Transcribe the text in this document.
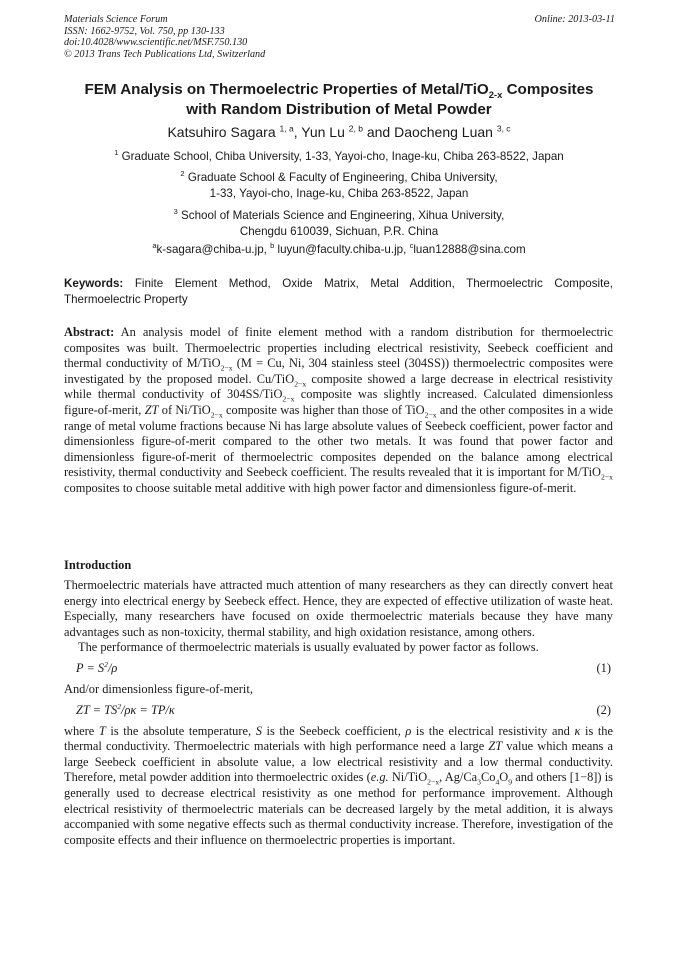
Materials Science Forum
ISSN: 1662-9752, Vol. 750, pp 130-133
doi:10.4028/www.scientific.net/MSF.750.130
© 2013 Trans Tech Publications Ltd, Switzerland
Online: 2013-03-11
FEM Analysis on Thermoelectric Properties of Metal/TiO$_{2-x}$ Composites
with Random Distribution of Metal Powder
Katsuhiro Sagara $^{1, a}$, Yun Lu $^{2, b}$ and Daocheng Luan $^{3, c}$
$^1$ Graduate School, Chiba University, 1-33, Yayoi-cho, Inage-ku, Chiba 263-8522, Japan
$^2$ Graduate School & Faculty of Engineering, Chiba University,
1-33, Yayoi-cho, Inage-ku, Chiba 263-8522, Japan
$^3$ School of Materials Science and Engineering, Xihua University,
Chengdu 610039, Sichuan, P.R. China
$^a$k-sagara@chiba-u.jp, $^b$ luyun@faculty.chiba-u.jp, $^c$luan12888@sina.com
Keywords: Finite Element Method, Oxide Matrix, Metal Addition, Thermoelectric Composite, Thermoelectric Property
Abstract: An analysis model of finite element method with a random distribution for thermoelectric composites was built. Thermoelectric properties including electrical resistivity, Seebeck coefficient and thermal conductivity of M/TiO$_{2-x}$ (M = Cu, Ni, 304 stainless steel (304SS)) thermoelectric composites were investigated by the proposed model. Cu/TiO$_{2-x}$ composite showed a large decrease in electrical resistivity while thermal conductivity of 304SS/TiO$_{2-x}$ composite was slightly increased. Calculated dimensionless figure-of-merit, ZT of Ni/TiO$_{2-x}$ composite was higher than those of TiO$_{2-x}$ and the other composites in a wide range of metal volume fractions because Ni has large absolute values of Seebeck coefficient, power factor and dimensionless figure-of-merit compared to the other two metals. It was found that power factor and dimensionless figure-of-merit of thermoelectric composites depended on the balance among electrical resistivity, thermal conductivity and Seebeck coefficient. The results revealed that it is important for M/TiO$_{2-x}$ composites to choose suitable metal additive with high power factor and dimensionless figure-of-merit.
Introduction

Thermoelectric materials have attracted much attention of many researchers as they can directly convert heat energy into electrical energy by Seebeck effect. Hence, they are expected of effective utilization of waste heat. Especially, many researchers have focused on oxide thermoelectric materials because they have many advantages such as non-toxicity, thermal stability, and high oxidation resistance, among others.

The performance of thermoelectric materials is usually evaluated by power factor as follows.

$P = S^2/\rho$	(1)

And/or dimensionless figure-of-merit,

ZT = $TS^2/\rho\kappa = TP/\kappa$	(2)

where T is the absolute temperature, S is the Seebeck coefficient, ρ is the electrical resistivity and κ is the thermal conductivity. Thermoelectric materials with high performance need a large ZT value which means a large Seebeck coefficient in absolute value, a low electrical resistivity and a low thermal conductivity. Therefore, metal powder addition into thermoelectric oxides (e.g. Ni/TiO$_{2-x}$, $Ag/Ca_3Co_4O_9$ and others [1−8]) is generally used to decrease electrical resistivity as one method for performance improvement. Although electrical resistivity of thermoelectric materials can be decreased largely by the metal addition, it is always accompanied with some negative effects such as thermal conductivity increase. Therefore, investigation of the composite effects and their influence on thermoelectric properties is important.
